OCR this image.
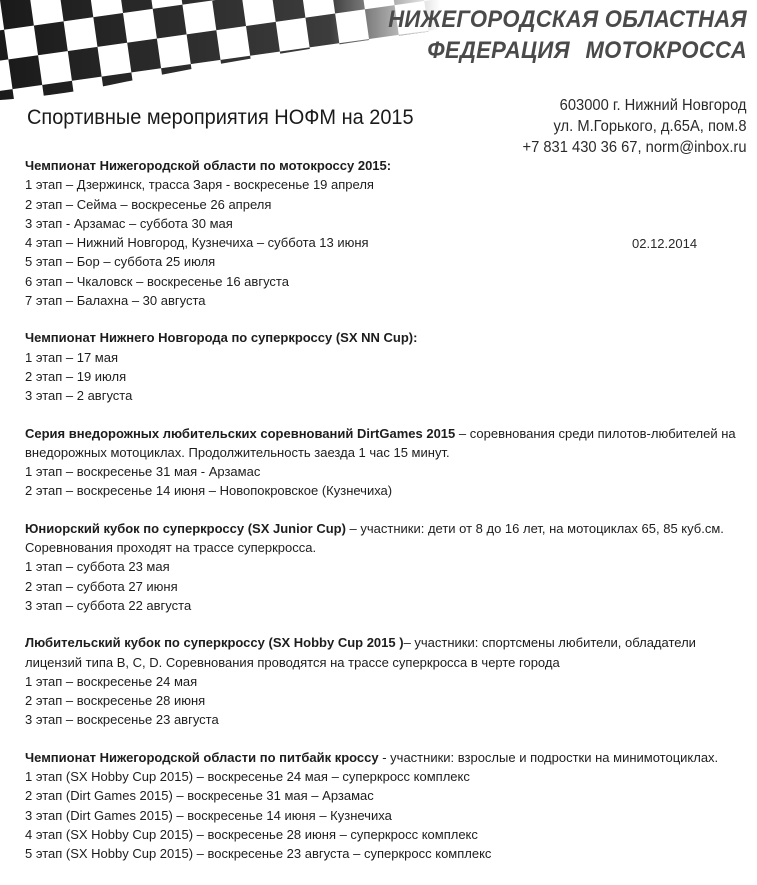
НИЖЕГОРОДСКАЯ ОБЛАСТНАЯ
ФЕДЕРАЦИЯ МОТОКРОССА
Спортивные мероприятия НОФМ на 2015
603000 г. Нижний Новгород
ул. М.Горького, д.65А, пом.8
+7 831 430 36 67, norm@inbox.ru
02.12.2014

Чемпионат Нижегородской области по мотокроссу 2015:

1 этап – Дзержинск, трасса Заря - воскресенье 19 апреля

2 этап – Сейма – воскресенье 26 апреля

3 этап - Арзамас – суббота 30 мая

4 этап – Нижний Новгород, Кузнечиха – суббота 13 июня

5 этап – Бор – суббота 25 июля

6 этап – Чкаловск – воскресенье 16 августа

7 этап – Балахна – 30 августа

Чемпионат Нижнего Новгорода по суперкроссу (SX NN Cup):

1 этап – 17 мая

2 этап – 19 июля

3 этап – 2 августа

Серия внедорожных любительских соревнований DirtGames 2015 – соревнования среди пилотов-любителей на внедорожных мотоциклах. Продолжительность заезда 1 час 15 минут.

1 этап – воскресенье 31 мая - Арзамас

2 этап – воскресенье 14 июня – Новопокровское (Кузнечиха)

Юниорский кубок по суперкроссу (SX Junior Cup) – участники: дети от 8 до 16 лет, на мотоциклах 65, 85 куб.см. Соревнования проходят на трассе суперкросса.

1 этап – суббота 23 мая

2 этап – суббота 27 июня

3 этап – суббота 22 августа

Любительский кубок по суперкроссу (SX Hobby Cup 2015 )– участники: спортсмены любители, обладатели лицензий типа B, C, D. Соревнования проводятся на трассе суперкросса в черте города

1 этап – воскресенье 24 мая

2 этап – воскресенье 28 июня

3 этап – воскресенье 23 августа

Чемпионат Нижегородской области по питбайк кроссу - участники: взрослые и подростки на минимотоциклах.

1 этап (SX Hobby Cup 2015) – воскресенье 24 мая – суперкросс комплекс

2 этап (Dirt Games 2015) – воскресенье 31 мая – Арзамас

3 этап (Dirt Games 2015) – воскресенье 14 июня – Кузнечиха

4 этап (SX Hobby Cup 2015) – воскресенье 28 июня – суперкросс комплекс

5 этап (SX Hobby Cup 2015) – воскресенье 23 августа – суперкросс комплекс
